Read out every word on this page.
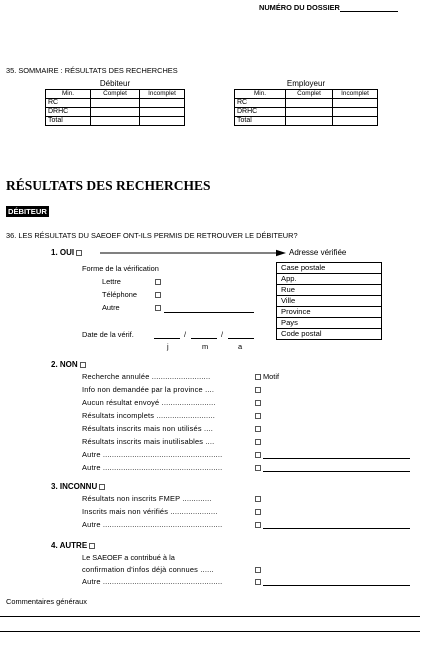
NUMÉRO DU DOSSIER
35. SOMMAIRE : RÉSULTATS DES RECHERCHES
Débiteur		
Min.	Complet	Incomplet
RC		
DRHC		
Total		
Employeur		
Min.	Complet	Incomplet
RC		
DRHC		
Total		
RÉSULTATS DES RECHERCHES
DÉBITEUR
36. LES RÉSULTATS DU SAEOEF ONT-ILS PERMIS DE RETROUVER LE DÉBITEUR?
1. OUI	Adresse vérifiée
Forme de la vérification
Lettre
Téléphone
Autre
Date de la vérif.	/	/
j	m	a
Case postale
App.
Rue
Ville
Province
Pays
Code postal
2. NON
Recherche annulée ..........................	Motif
Info non demandée par la province ....
Aucun résultat envoyé ........................
Résultats incomplets ..........................
Résultats inscrits mais non utilisés ....
Résultats inscrits mais inutilisables ....
Autre .....................................................
Autre .....................................................
3. INCONNU
Résultats non inscrits FMEP .............
Inscrits mais non vérifiés .....................
Autre .....................................................
4. AUTRE
Le SAEOEF a contribué à la
confirmation d'infos déjà connues ......
Autre .....................................................
Commentaires généraux
